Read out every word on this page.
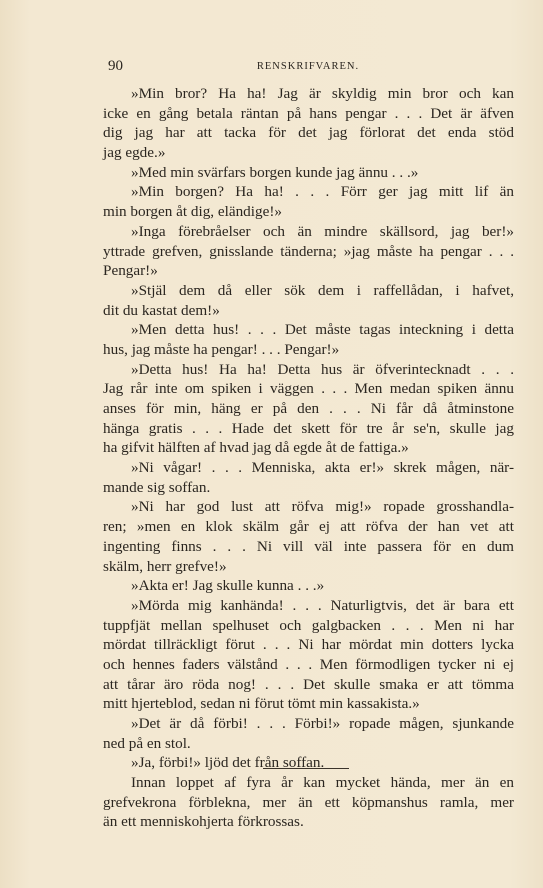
90	RENSKRIFVAREN.
»Min bror? Ha ha! Jag är skyldig min bror och kan
icke en gång betala räntan på hans pengar . . . Det är äfven
dig jag har att tacka för det jag förlorat det enda stöd
jag egde.»
»Med min svärfars borgen kunde jag ännu . . .»
»Min borgen? Ha ha! . . . Förr ger jag mitt lif än
min borgen åt dig, eländige!»
»Inga förebråelser och än mindre skällsord, jag ber!»
yttrade grefven, gnisslande tänderna; »jag måste ha pengar . . .
Pengar!»
»Stjäl dem då eller sök dem i raffellådan, i hafvet,
dit du kastat dem!»
»Men detta hus! . . . Det måste tagas inteckning i detta
hus, jag måste ha pengar! . . . Pengar!»
»Detta hus! Ha ha! Detta hus är öfverintecknadt . . .
Jag rår inte om spiken i väggen . . . Men medan spiken ännu
anses för min, häng er på den . . . Ni får då åtminstone
hänga gratis . . . Hade det skett för tre år se'n, skulle jag
ha gifvit hälften af hvad jag då egde åt de fattiga.»
»Ni vågar! . . . Menniska, akta er!» skrek mågen, när-
mande sig soffan.
»Ni har god lust att röfva mig!» ropade grosshandla-
ren; »men en klok skälm går ej att röfva der han vet att
ingenting finns . . . Ni vill väl inte passera för en dum
skälm, herr grefve!»
»Akta er! Jag skulle kunna . . .»
»Mörda mig kanhända! . . . Naturligtvis, det är bara ett
tuppfjät mellan spelhuset och galgbacken . . . Men ni har
mördat tillräckligt förut . . . Ni har mördat min dotters lycka
och hennes faders välstånd . . . Men förmodligen tycker ni ej
att tårar äro röda nog! . . . Det skulle smaka er att tömma
mitt hjerteblod, sedan ni förut tömt min kassakista.»
»Det är då förbi! . . . Förbi!» ropade mågen, sjunkande
ned på en stol.
»Ja, förbi!» ljöd det från soffan.
Innan loppet af fyra år kan mycket hända, mer än en
grefvekrona förblekna, mer än ett köpmanshus ramla, mer
än ett menniskohjerta förkrossas.
